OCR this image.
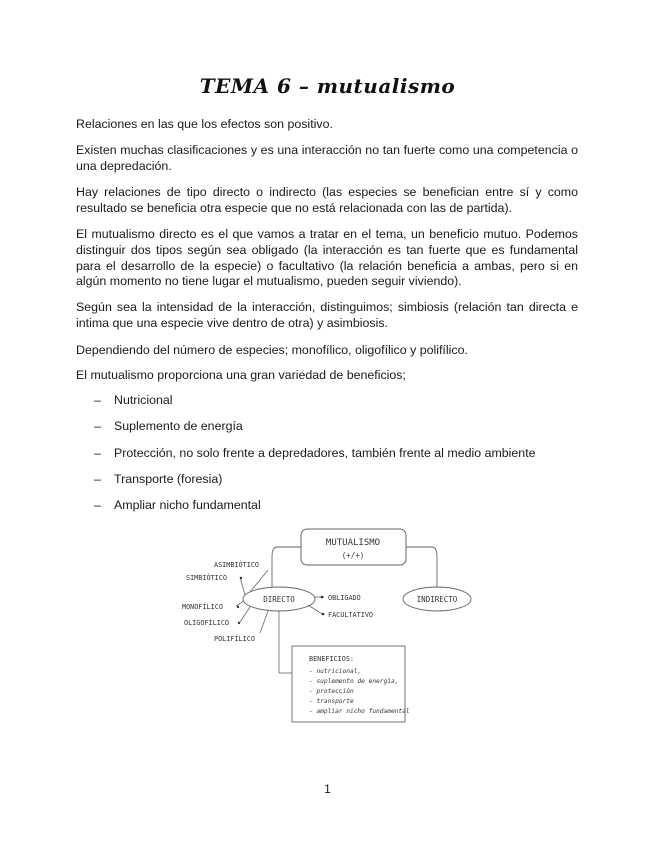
TEMA 6 – mutualismo

Relaciones en las que los efectos son positivo.

Existen muchas clasificaciones y es una interacción no tan fuerte como una competencia o una depredación.

Hay relaciones de tipo directo o indirecto (las especies se benefician entre sí y como resultado se beneficia otra especie que no está relacionada con las de partida).

El mutualismo directo es el que vamos a tratar en el tema, un beneficio mutuo. Podemos distinguir dos tipos según sea obligado (la interacción es tan fuerte que es fundamental para el desarrollo de la especie) o facultativo (la relación beneficia a ambas, pero si en algún momento no tiene lugar el mutualismo, pueden seguir viviendo).

Según sea la intensidad de la interacción, distinguimos; simbiosis (relación tan directa e intima que una especie vive dentro de otra) y asimbiosis.

Dependiendo del número de especies; monofílico, oligofílico y polifílico.

El mutualismo proporciona una gran variedad de beneficios;

–	Nutricional
–	Suplemento de energía
–	Protección, no solo frente a depredadores, también frente al medio ambiente
–	Transporte (foresia)
–	Ampliar nicho fundamental
MUTUALISMO
(+/+)
DIRECTO	INDIRECTO
ASIMBIÓTICO
SIMBIÓTICO
MONOFÍLICO
OLIGOFÍLICO
POLIFÍLICO
OBLIGADO
FACULTATIVO
BENEFICIOS:
- nutricional,
- suplemento de energía,
- protección
- transporte
- ampliar nicho fundamental
1
